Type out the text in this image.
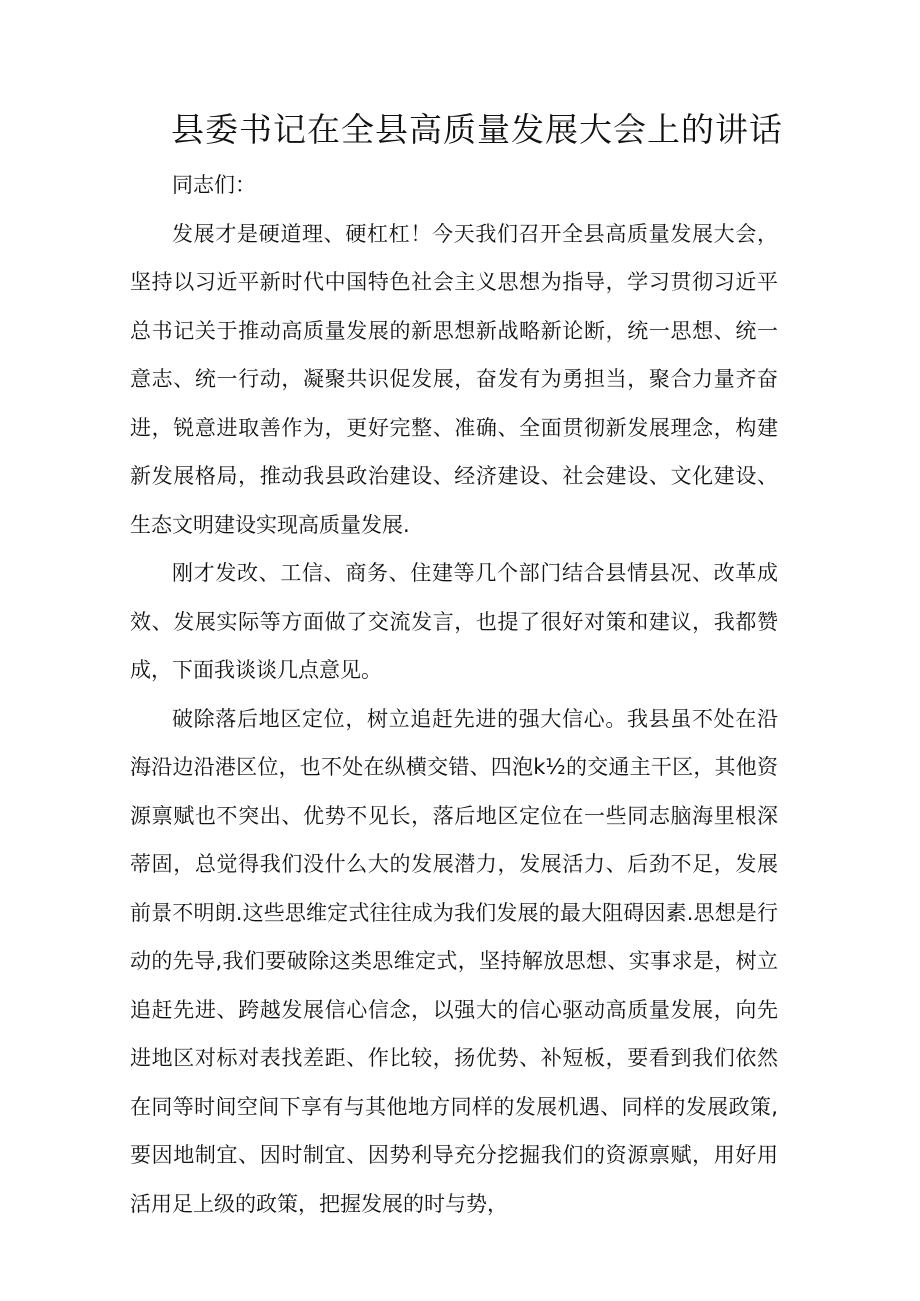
县委书记在全县高质量发展大会上的讲话

同志们：

发展才是硬道理、硬杠杠！今天我们召开全县高质量发展大会，坚持以习近平新时代中国特色社会主义思想为指导，学习贯彻习近平总书记关于推动高质量发展的新思想新战略新论断，统一思想、统一意志、统一行动，凝聚共识促发展，奋发有为勇担当，聚合力量齐奋进，锐意进取善作为，更好完整、准确、全面贯彻新发展理念，构建新发展格局，推动我县政治建设、经济建设、社会建设、文化建设、生态文明建设实现高质量发展.

刚才发改、工信、商务、住建等几个部门结合县情县况、改革成效、发展实际等方面做了交流发言，也提了很好对策和建议，我都赞成，下面我谈谈几点意见。

破除落后地区定位，树立追赶先进的强大信心。我县虽不处在沿海沿边沿港区位，也不处在纵横交错、四泡k½的交通主干区，其他资源禀赋也不突出、优势不见长，落后地区定位在一些同志脑海里根深蒂固，总觉得我们没什么大的发展潜力，发展活力、后劲不足，发展前景不明朗.这些思维定式往往成为我们发展的最大阻碍因素.思想是行动的先导,我们要破除这类思维定式，坚持解放思想、实事求是，树立追赶先进、跨越发展信心信念，以强大的信心驱动高质量发展，向先进地区对标对表找差距、作比较，扬优势、补短板，要看到我们依然在同等时间空间下享有与其他地方同样的发展机遇、同样的发展政策,要因地制宜、因时制宜、因势利导充分挖掘我们的资源禀赋，用好用活用足上级的政策，把握发展的时与势，
